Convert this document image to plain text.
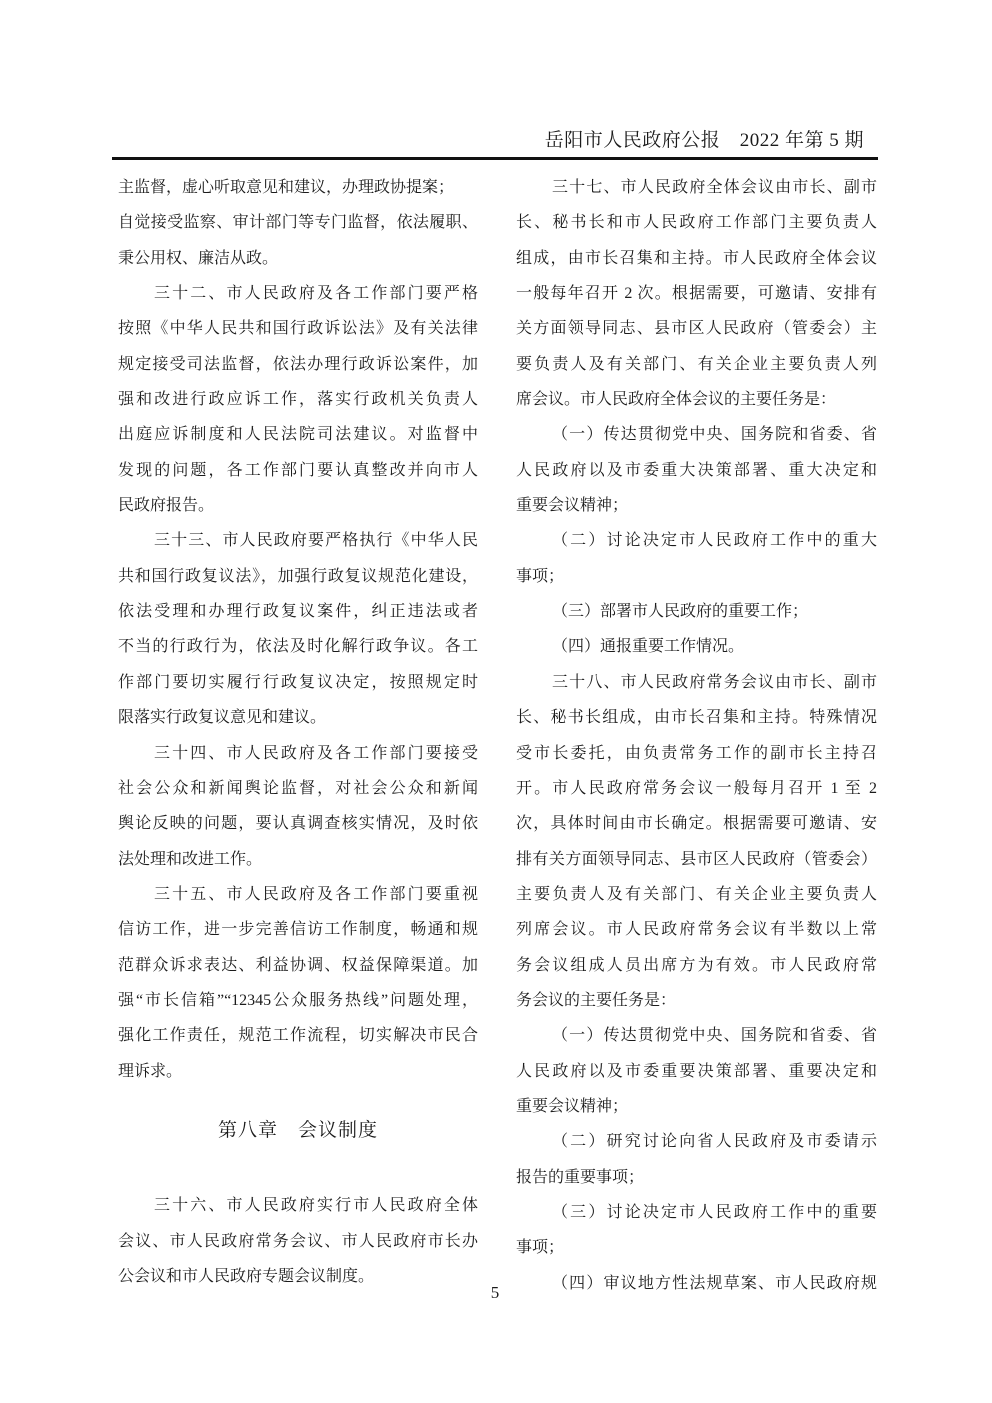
岳阳市人民政府公报　2022 年第 5 期
主监督，虚心听取意见和建议，办理政协提案；
自觉接受监察、审计部门等专门监督，依法履职、
秉公用权、廉洁从政。
三十二、市人民政府及各工作部门要严格
按照《中华人民共和国行政诉讼法》及有关法律
规定接受司法监督，依法办理行政诉讼案件，加
强和改进行政应诉工作，落实行政机关负责人
出庭应诉制度和人民法院司法建议。对监督中
发现的问题，各工作部门要认真整改并向市人
民政府报告。
三十三、市人民政府要严格执行《中华人民
共和国行政复议法》，加强行政复议规范化建设，
依法受理和办理行政复议案件，纠正违法或者
不当的行政行为，依法及时化解行政争议。各工
作部门要切实履行行政复议决定，按照规定时
限落实行政复议意见和建议。
三十四、市人民政府及各工作部门要接受
社会公众和新闻舆论监督，对社会公众和新闻
舆论反映的问题，要认真调查核实情况，及时依
法处理和改进工作。
三十五、市人民政府及各工作部门要重视
信访工作，进一步完善信访工作制度，畅通和规
范群众诉求表达、利益协调、权益保障渠道。加
强“市长信箱”“12345公众服务热线”问题处理，
强化工作责任，规范工作流程，切实解决市民合
理诉求。
第八章　会议制度
三十六、市人民政府实行市人民政府全体
会议、市人民政府常务会议、市人民政府市长办
公会议和市人民政府专题会议制度。
三十七、市人民政府全体会议由市长、副市
长、秘书长和市人民政府工作部门主要负责人
组成，由市长召集和主持。市人民政府全体会议
一般每年召开 2 次。根据需要，可邀请、安排有
关方面领导同志、县市区人民政府（管委会）主
要负责人及有关部门、有关企业主要负责人列
席会议。市人民政府全体会议的主要任务是：
（一）传达贯彻党中央、国务院和省委、省
人民政府以及市委重大决策部署、重大决定和
重要会议精神；
（二）讨论决定市人民政府工作中的重大
事项；
（三）部署市人民政府的重要工作；
（四）通报重要工作情况。
三十八、市人民政府常务会议由市长、副市
长、秘书长组成，由市长召集和主持。特殊情况
受市长委托，由负责常务工作的副市长主持召
开。市人民政府常务会议一般每月召开 1 至 2
次，具体时间由市长确定。根据需要可邀请、安
排有关方面领导同志、县市区人民政府（管委会）
主要负责人及有关部门、有关企业主要负责人
列席会议。市人民政府常务会议有半数以上常
务会议组成人员出席方为有效。市人民政府常
务会议的主要任务是：
（一）传达贯彻党中央、国务院和省委、省
人民政府以及市委重要决策部署、重要决定和
重要会议精神；
（二）研究讨论向省人民政府及市委请示
报告的重要事项；
（三）讨论决定市人民政府工作中的重要
事项；
（四）审议地方性法规草案、市人民政府规
5
